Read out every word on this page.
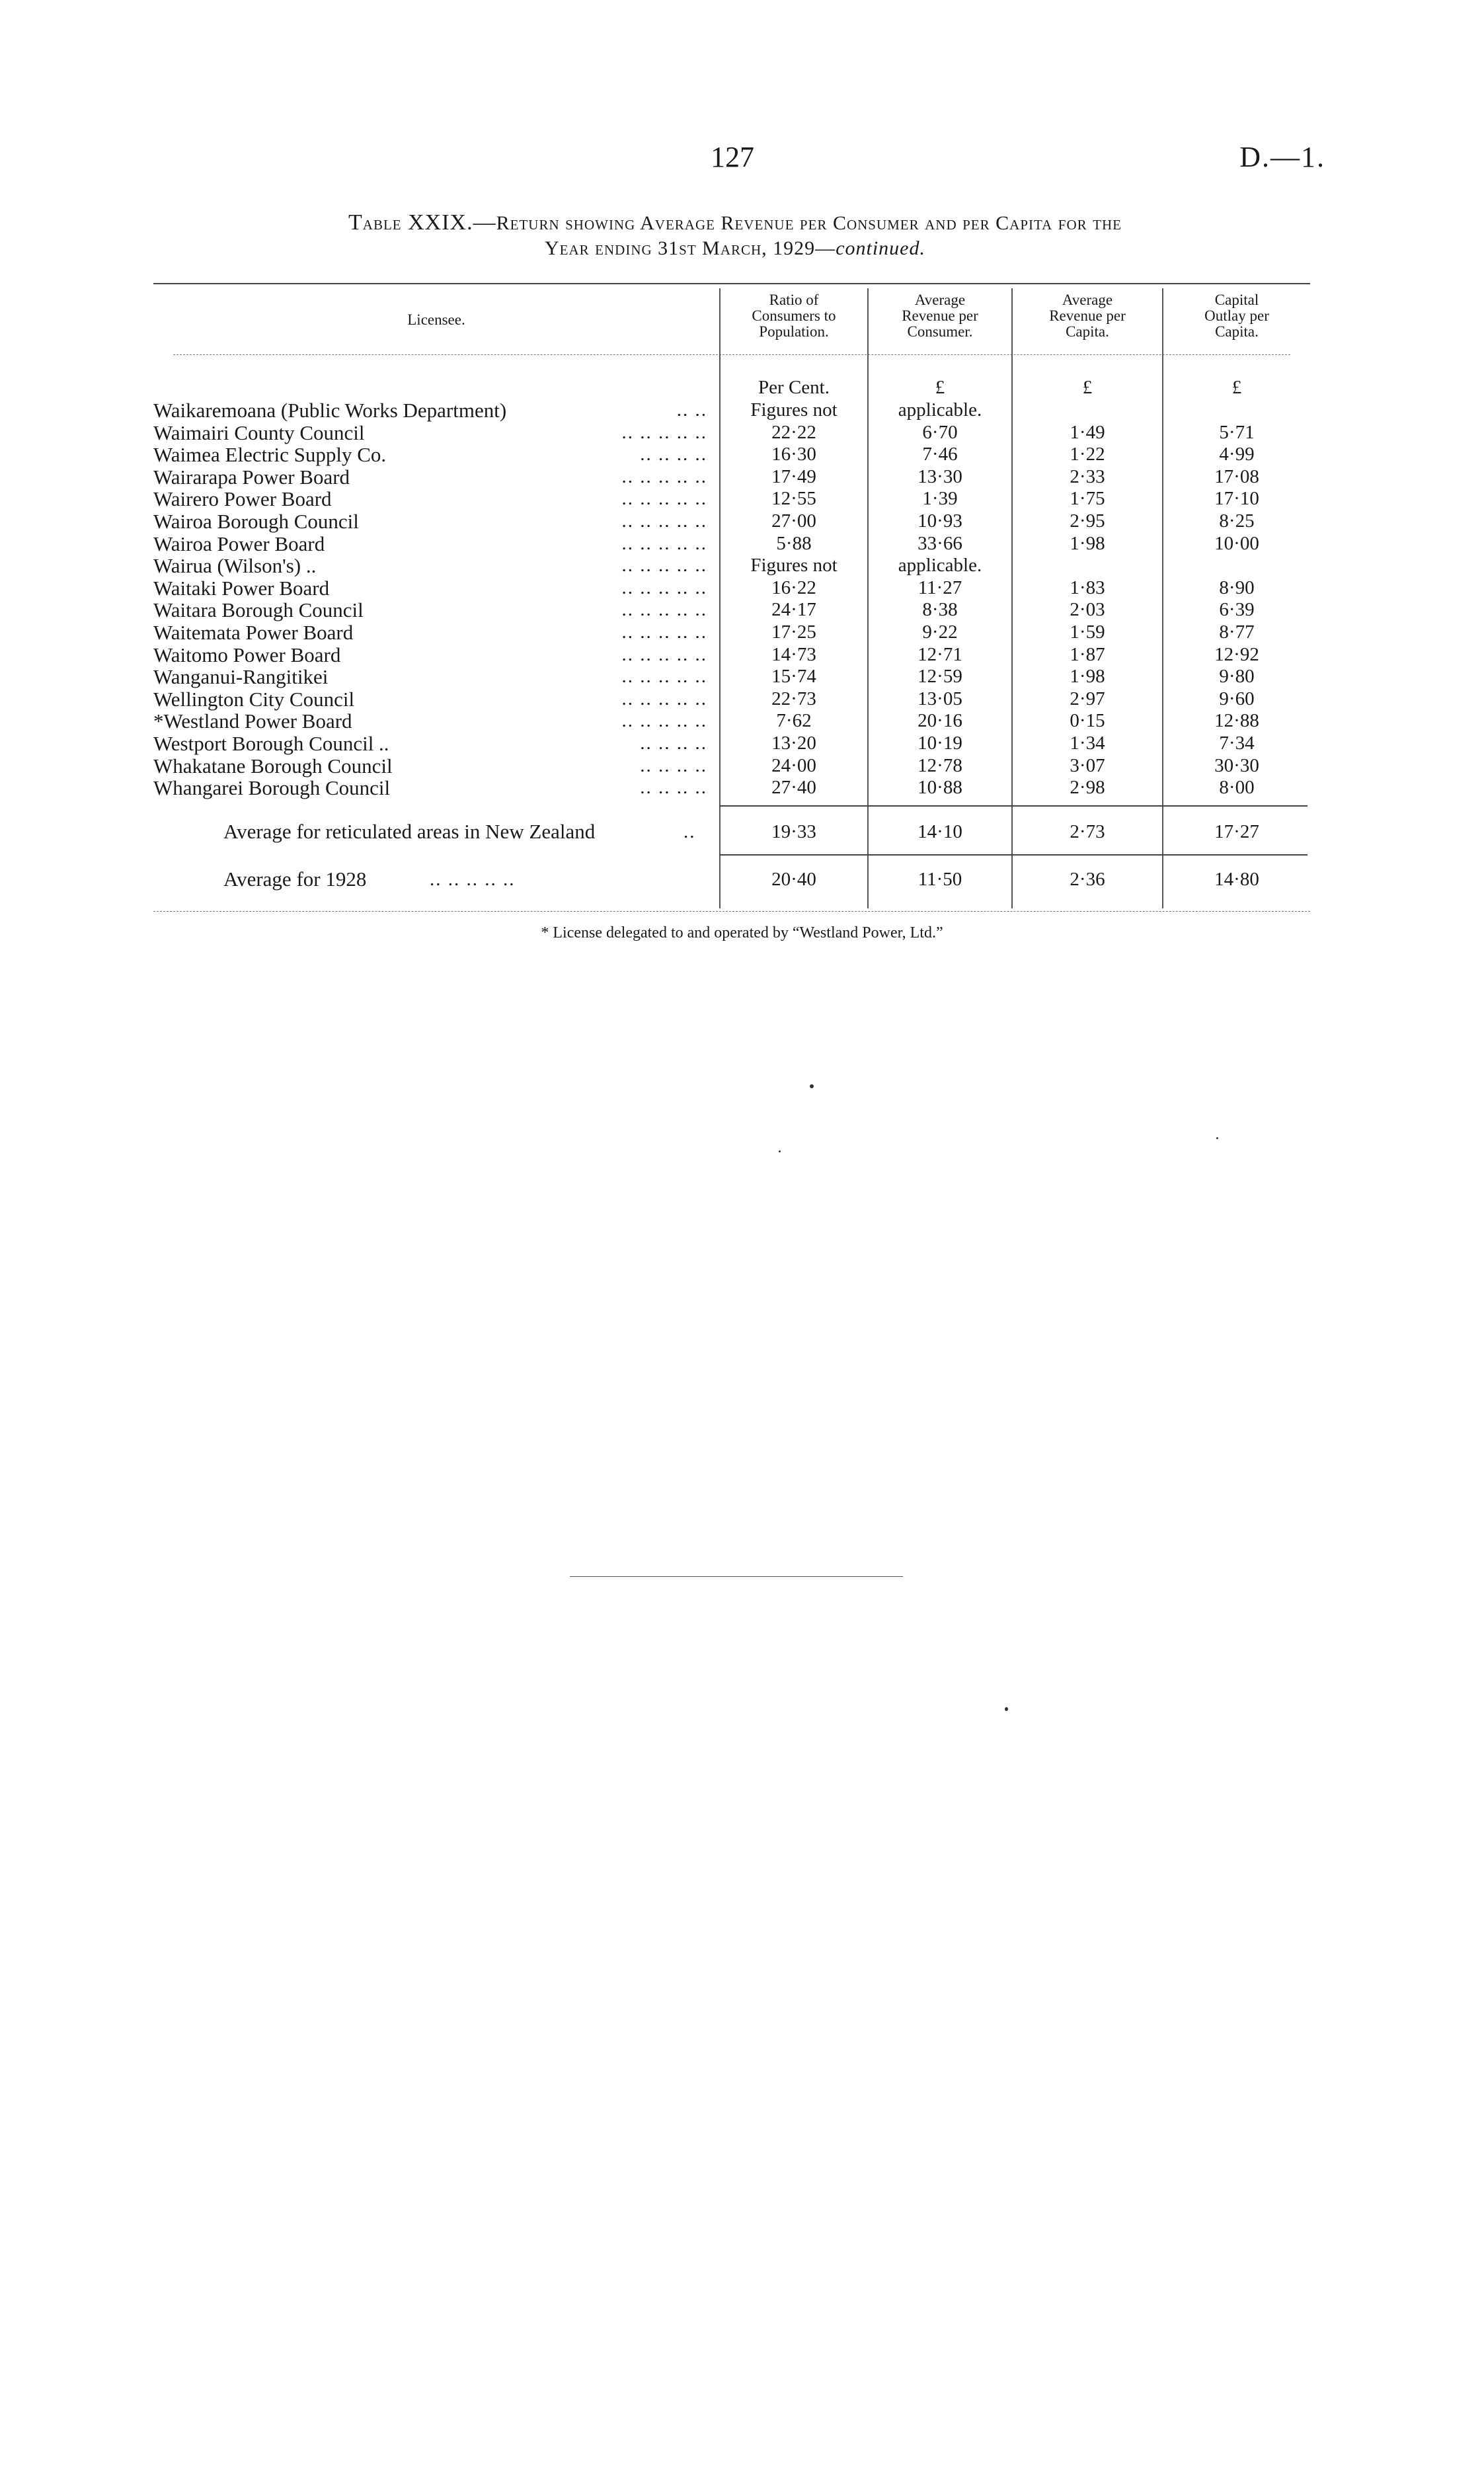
127	D.—1.
Table XXIX.—Return showing Average Revenue per Consumer and per Capita for the
Year ending 31st March, 1929—continued.
Licensee.
Ratio of
Consumers to
Population.
Average
Revenue per
Consumer.
Average
Revenue per
Capita.
Capital
Outlay per
Capita.
Per Cent.	£	£	£
Waikaremoana (Public Works Department)	.. ..	Figures not	applicable.
Waimairi County Council	.. .. .. .. ..	22·22	6·70	1·49	5·71
Waimea Electric Supply Co.	.. .. .. ..	16·30	7·46	1·22	4·99
Wairarapa Power Board	.. .. .. .. ..	17·49	13·30	2·33	17·08
Wairero Power Board	.. .. .. .. ..	12·55	1·39	1·75	17·10
Wairoa Borough Council	.. .. .. .. ..	27·00	10·93	2·95	8·25
Wairoa Power Board	.. .. .. .. ..	5·88	33·66	1·98	10·00
Wairua (Wilson's) ..	.. .. .. .. ..	Figures not	applicable.
Waitaki Power Board	.. .. .. .. ..	16·22	11·27	1·83	8·90
Waitara Borough Council	.. .. .. .. ..	24·17	8·38	2·03	6·39
Waitemata Power Board	.. .. .. .. ..	17·25	9·22	1·59	8·77
Waitomo Power Board	.. .. .. .. ..	14·73	12·71	1·87	12·92
Wanganui-Rangitikei	.. .. .. .. ..	15·74	12·59	1·98	9·80
Wellington City Council	.. .. .. .. ..	22·73	13·05	2·97	9·60
*Westland Power Board	.. .. .. .. ..	7·62	20·16	0·15	12·88
Westport Borough Council ..	.. .. .. ..	13·20	10·19	1·34	7·34
Whakatane Borough Council	.. .. .. ..	24·00	12·78	3·07	30·30
Whangarei Borough Council	.. .. .. ..	27·40	10·88	2·98	8·00
Average for reticulated areas in New Zealand	..	19·33	14·10	2·73	17·27
Average for 1928	.. .. .. .. ..	20·40	11·50	2·36	14·80
* License delegated to and operated by “Westland Power, Ltd.”
